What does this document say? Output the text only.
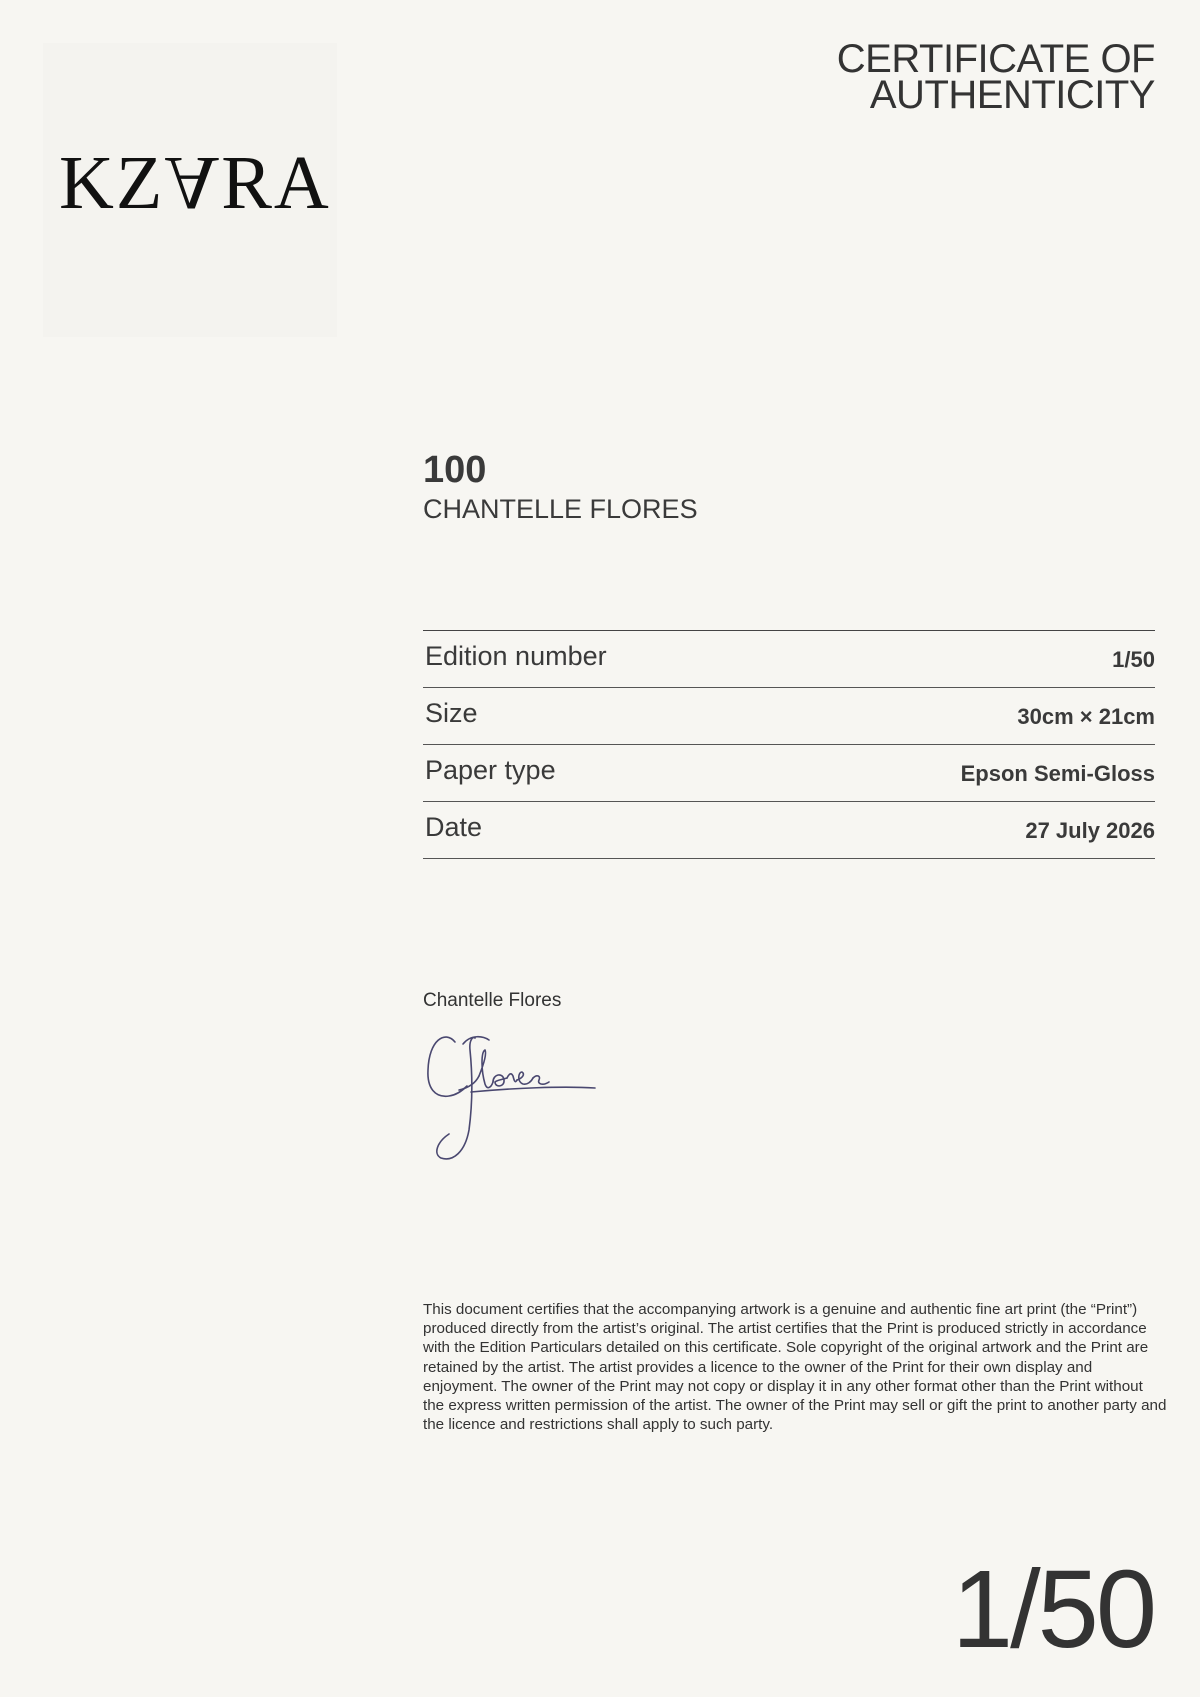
KZARA
CERTIFICATE OF
AUTHENTICITY
100
CHANTELLE FLORES
Edition number	1/50
Size	30cm × 21cm
Paper type	Epson Semi-Gloss
Date	27 July 2026
Chantelle Flores

This document certifies that the accompanying artwork is a genuine and authentic fine art print (the “Print”) produced directly from the artist’s original. The artist certifies that the Print is produced strictly in accordance with the Edition Particulars detailed on this certificate. Sole copyright of the original artwork and the Print are retained by the artist. The artist provides a licence to the owner of the Print for their own display and enjoyment. The owner of the Print may not copy or display it in any other format other than the Print without the express written permission of the artist. The owner of the Print may sell or gift the print to another party and the licence and restrictions shall apply to such party.

1/50
